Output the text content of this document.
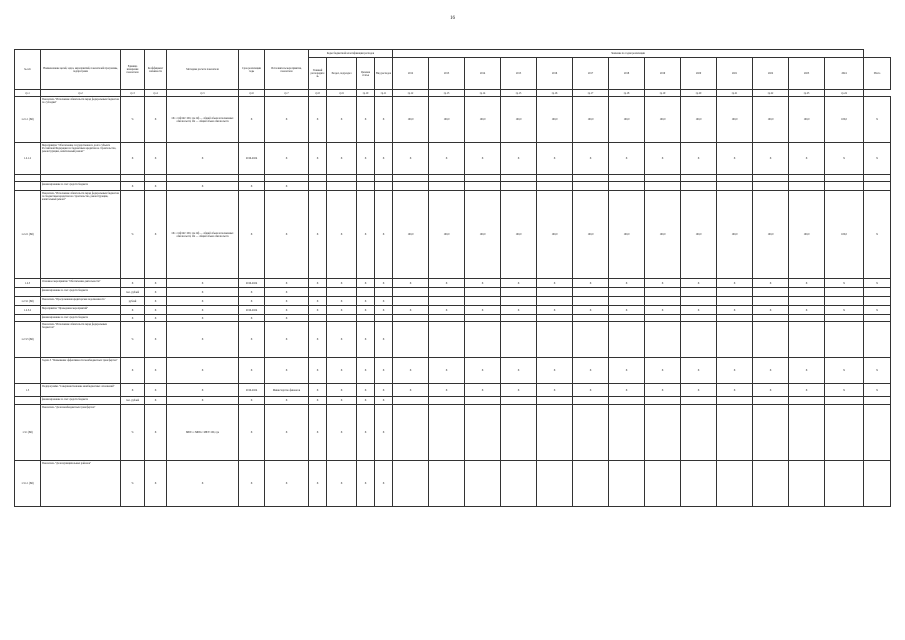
16
№ п/п	Наименование целей, задач, мероприятий, показателей программы, подпрограмм	Единица измерения показателя	Коэффициент значимости	Методика расчета показателя	Срок реализации годы	Исполнитель мероприятия, показателя	Коды бюджетной классификации расходов				Значение по годам реализации													
							Главный распорядитель	Раздел, подраздел	Целевая статья	Вид расходов	2012	2013	2014	2015	2016	2017	2018	2019	2020	2021	2022	2023	2024	Итого
гр.1	гр.2	гр.3	гр.4	гр.5	гр.6	гр.7	гр.8	гр.9	гр.10	гр.11	гр.12	гр.13	гр.14	гр.15	гр.16	гр.17	гр.18	гр.19	гр.20	гр.21	гр.22	гр.23	гр.24	
1.2.1.1 (Б6)	Показатель "Исполнение обязательств перед федеральным бюджетом по субсидии"	%	X	Оb = Оф/Оп×100, где Оф — общий объем исполненных обязательств; Оп — общий объем обязательств	X	X	X	X	X	X	100,0	100,0	100,0	100,0	100,0	100,0	100,0	100,0	100,0	100,0	100,0	100,0	100,0	X
1.2.1.2	Мероприятие "Обеспечение государственного долга субъекта Российской Федерации по бюджетным кредитам на строительство, реконструкцию, капитальный ремонт"	X	X	X	2016-2024	X	X	X	X	X	X	X	X	X	X	X	X	X	X	X	X	X	X	X

	финансирование за счет средств бюджета	X	X	X	X	X																		
1.2.2.1 (Б6)	Показатель "Исполнение обязательств перед федеральным бюджетом по бюджетным кредитам на строительство, реконструкцию, капитальный ремонт"	%	X	Оb = Оф/Оп×100, где Оф — общий объем исполненных обязательств; Оп — общий объем обязательств	X	X	X	X	X	X	100,0	100,0	100,0	100,0	100,0	100,0	100,0	100,0	100,0	100,0	100,0	100,0	100,0	X
1.2.3	Основное мероприятие "Обеспечение деятельности"	X	X	X	2016-2024	X	X	X	X	X	X	X	X	X	X	X	X	X	X	X	X	X	X	X
	финансирование за счет средств бюджета	тыс. рублей	X	X	X	X																		
1.2.3.1 (Б6)	Показатель "Просроченная кредиторская задолженность"	рублей	X	X	X	X	X	X	X	X														
1.2.3.2	Мероприятие "Проведение мероприятий"	X	X	X	2016-2024	X	X	X	X	X	X	X	X	X	X	X	X	X	X	X	X	X	X	X
	финансирование за счет средств бюджета	X	X	X	X	X																		
1.2.3.3 (Б6)	Показатель "Исполнение обязательств перед федеральным бюджетом"	%	X	X	X	X	X	X	X	X														
	Задача 3 "Повышение эффективности межбюджетных трансфертов"	X	X	X	X	X	X	X	X	X	X	X	X	X	X	X	X	X	X	X	X	X	X	X
1.3	Подпрограмма "Совершенствование межбюджетных отношений"	X	X	X	2016-2024	Министерство финансов	X	X	X	X	X	X	X	X	X	X	X	X	X	X	X	X	X	X
	финансирование за счет средств бюджета	тыс. рублей	X	X	X	X	X	X	X	X														
1.3.1 (Б6)	Показатель "Доля межбюджетных трансфертов"	%	X	МБТз = МБТв / МБТ×100, где	X	X	X	X	X	X														
1.3.1.1 (Б6)	Показатель "Доля муниципальных районов"	%	X	X	X	X	X	X	X	X														
